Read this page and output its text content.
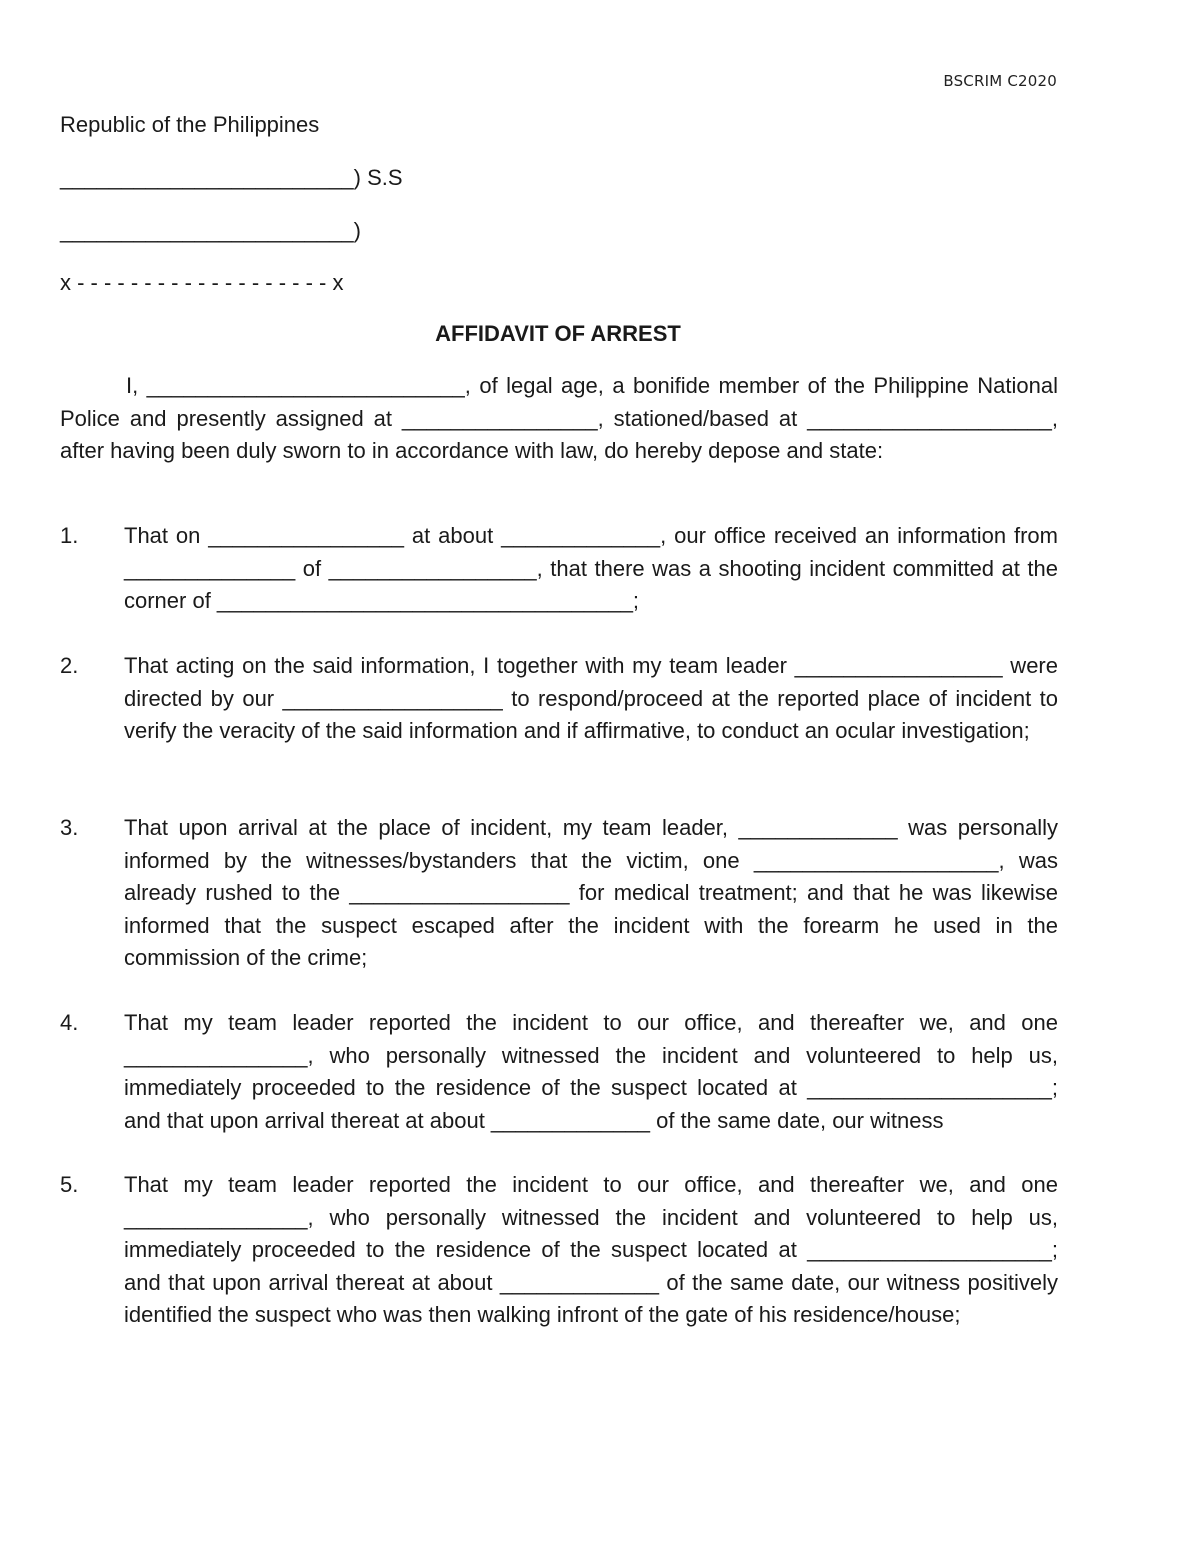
BSCRIM C2020
Republic of the Philippines
________________________) S.S
________________________)
x - - - - - - - - - - - - - - - - - - - x
AFFIDAVIT OF ARREST
I, __________________________, of legal age, a bonifide member of the Philippine National Police and presently assigned at ________________, stationed/based at ____________________, after having been duly sworn to in accordance with law, do hereby depose and state:
1. That on ________________ at about _____________, our office received an information from ______________ of _________________, that there was a shooting incident committed at the corner of __________________________________;
2. That acting on the said information, I together with my team leader _________________ were directed by our __________________ to respond/proceed at the reported place of incident to verify the veracity of the said information and if affirmative, to conduct an ocular investigation;
3. That upon arrival at the place of incident, my team leader, _____________ was personally informed by the witnesses/bystanders that the victim, one ____________________, was already rushed to the __________________ for medical treatment; and that he was likewise informed that the suspect escaped after the incident with the forearm he used in the commission of the crime;
4. That my team leader reported the incident to our office, and thereafter we, and one _______________, who personally witnessed the incident and volunteered to help us, immediately proceeded to the residence of the suspect located at ____________________; and that upon arrival thereat at about _____________ of the same date, our witness
5. That my team leader reported the incident to our office, and thereafter we, and one _______________, who personally witnessed the incident and volunteered to help us, immediately proceeded to the residence of the suspect located at ____________________; and that upon arrival thereat at about _____________ of the same date, our witness positively identified the suspect who was then walking infront of the gate of his residence/house;
